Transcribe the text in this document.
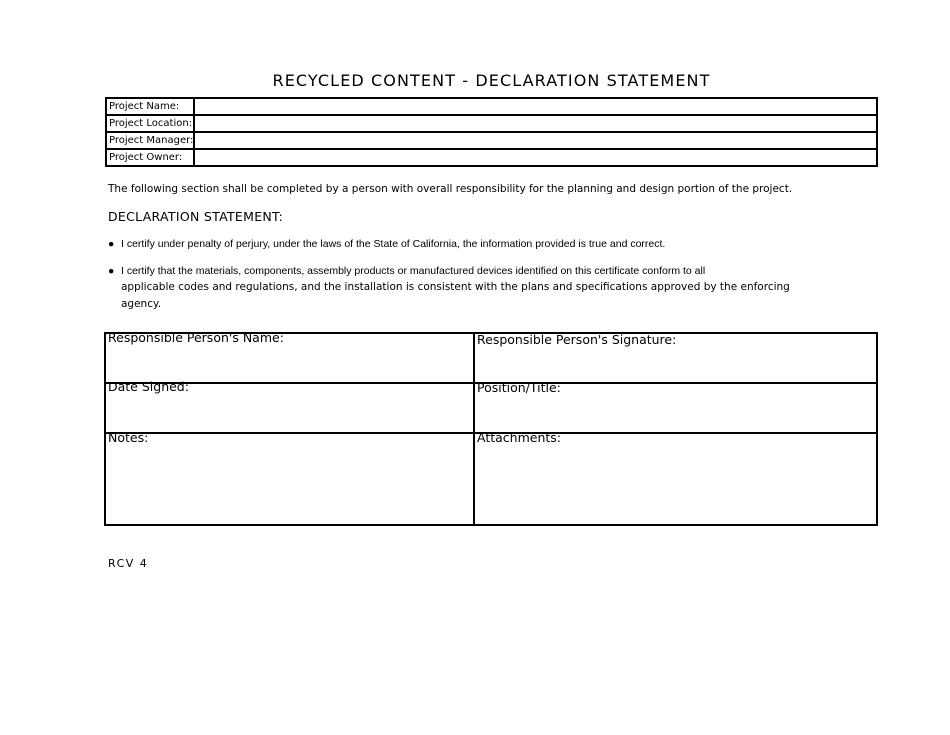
RECYCLED CONTENT - DECLARATION STATEMENT
Project Name:	
Project Location:	
Project Manager:	
Project Owner:	
The following section shall be completed by a person with overall responsibility for the planning and design portion of the project.
DECLARATION STATEMENT:
● I certify under penalty of perjury, under the laws of the State of California, the information provided is true and correct.
● I certify that the materials, components, assembly products or manufactured devices identified on this certificate conform to all
applicable codes and regulations, and the installation is consistent with the plans and specifications approved by the enforcing
agency.
Responsible Person's Name:	Responsible Person's Signature:
Date Signed:	Position/Title:
Notes:	Attachments:
RCV 4
